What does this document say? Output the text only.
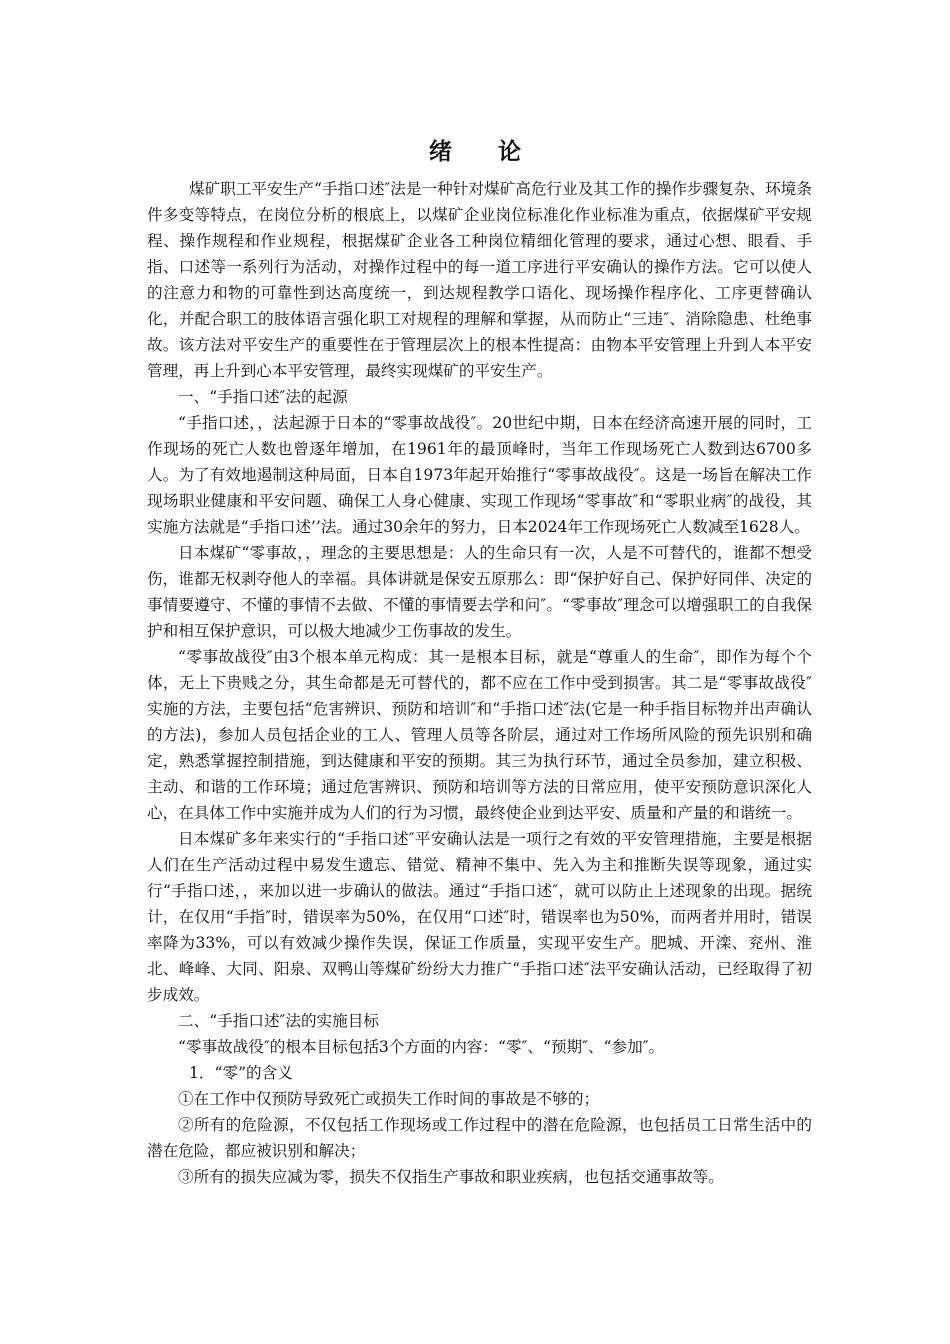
绪论

煤矿职工平安生产“手指口述″法是一种针对煤矿高危行业及其工作的操作步骤复杂、环境条件多变等特点，在岗位分析的根底上，以煤矿企业岗位标准化作业标准为重点，依据煤矿平安规程、操作规程和作业规程，根据煤矿企业各工种岗位精细化管理的要求，通过心想、眼看、手指、口述等一系列行为活动，对操作过程中的每一道工序进行平安确认的操作方法。它可以使人的注意力和物的可靠性到达高度统一，到达规程教学口语化、现场操作程序化、工序更替确认化，并配合职工的肢体语言强化职工对规程的理解和掌握，从而防止“三违″、消除隐患、杜绝事故。该方法对平安生产的重要性在于管理层次上的根本性提高：由物本平安管理上升到人本平安管理，再上升到心本平安管理，最终实现煤矿的平安生产。

一、“手指口述″法的起源

“手指口述，，法起源于日本的“零事故战役″。20世纪中期，日本在经济高速开展的同时，工作现场的死亡人数也曾逐年增加，在1961年的最顶峰时，当年工作现场死亡人数到达6700多人。为了有效地遏制这种局面，日本自1973年起开始推行“零事故战役″。这是一场旨在解决工作现场职业健康和平安问题、确保工人身心健康、实现工作现场“零事故″和“零职业病″的战役，其实施方法就是“手指口述’’法。通过30余年的努力，日本2024年工作现场死亡人数减至1628人。

日本煤矿“零事故，，理念的主要思想是：人的生命只有一次，人是不可替代的，谁都不想受伤，谁都无权剥夺他人的幸福。具体讲就是保安五原那么：即“保护好自己、保护好同伴、决定的事情要遵守、不懂的事情不去做、不懂的事情要去学和问″。“零事故″理念可以增强职工的自我保护和相互保护意识，可以极大地减少工伤事故的发生。

“零事故战役″由3个根本单元构成：其一是根本目标，就是“尊重人的生命″，即作为每个个体，无上下贵贱之分，其生命都是无可替代的，都不应在工作中受到损害。其二是“零事故战役″实施的方法，主要包括“危害辨识、预防和培训″和“手指口述″法(它是一种手指目标物并出声确认的方法)，参加人员包括企业的工人、管理人员等各阶层，通过对工作场所风险的预先识别和确定，熟悉掌握控制措施，到达健康和平安的预期。其三为执行环节，通过全员参加，建立积极、主动、和谐的工作环境；通过危害辨识、预防和培训等方法的日常应用，使平安预防意识深化人心，在具体工作中实施并成为人们的行为习惯，最终使企业到达平安、质量和产量的和谐统一。

日本煤矿多年来实行的“手指口述″平安确认法是一项行之有效的平安管理措施，主要是根据人们在生产活动过程中易发生遗忘、错觉、精神不集中、先入为主和推断失误等现象，通过实行“手指口述，，来加以进一步确认的做法。通过“手指口述″，就可以防止上述现象的出现。据统计，在仅用“手指″时，错误率为50%，在仅用“口述″时，错误率也为50%，而两者并用时，错误率降为33%，可以有效减少操作失误，保证工作质量，实现平安生产。肥城、开滦、兖州、淮北、峰峰、大同、阳泉、双鸭山等煤矿纷纷大力推广“手指口述″法平安确认活动，已经取得了初步成效。

二、“手指口述″法的实施目标

“零事故战役″的根本目标包括3个方面的内容：“零″、“预期″、“参加″。

1．“零”的含义

①在工作中仅预防导致死亡或损失工作时间的事故是不够的；

②所有的危险源，不仅包括工作现场或工作过程中的潜在危险源，也包括员工日常生活中的潜在危险，都应被识别和解决；

③所有的损失应减为零，损失不仅指生产事故和职业疾病，也包括交通事故等。
